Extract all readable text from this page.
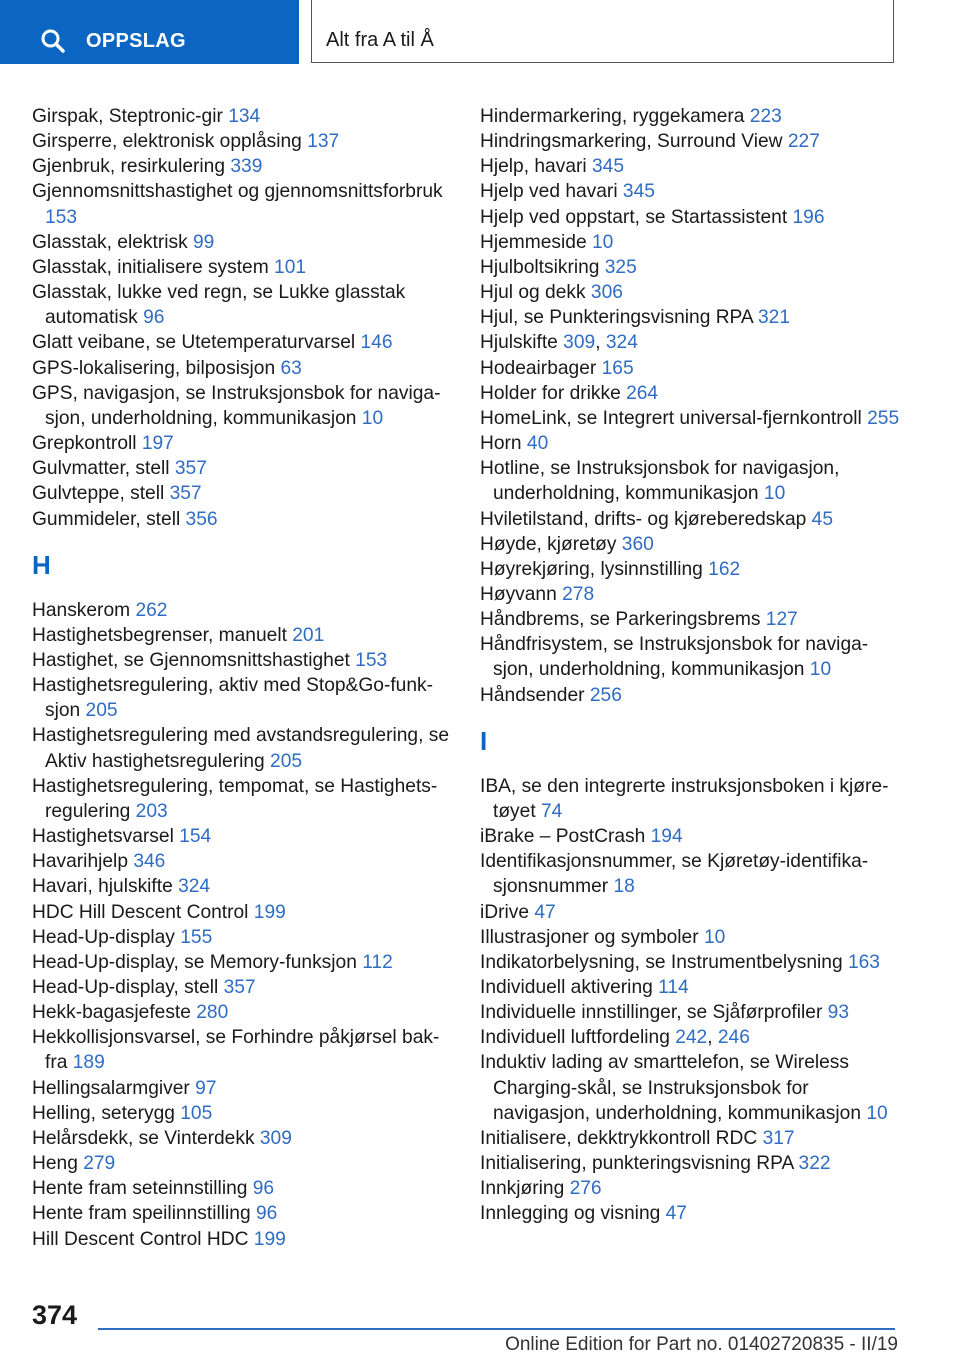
OPPSLAG	Alt fra A til Å
Girspak, Steptronic-gir 134
Girsperre, elektronisk opplåsing 137
Gjenbruk, resirkulering 339
Gjennomsnittshastighet og gjennomsnittsforbruk 153
Glasstak, elektrisk 99
Glasstak, initialisere system 101
Glasstak, lukke ved regn, se Lukke glasstak automatisk 96
Glatt veibane, se Utetemperaturvarsel 146
GPS-lokalisering, bilposisjon 63
GPS, navigasjon, se Instruksjonsbok for navigasjon, underholdning, kommunikasjon 10
Grepkontroll 197
Gulvmatter, stell 357
Gulvteppe, stell 357
Gummideler, stell 356
H
Hanskerom 262
Hastighetsbegrenser, manuelt 201
Hastighet, se Gjennomsnittshastighet 153
Hastighetsregulering, aktiv med Stop&Go-funksjon 205
Hastighetsregulering med avstandsregulering, se Aktiv hastighetsregulering 205
Hastighetsregulering, tempomat, se Hastighetsregulering 203
Hastighetsvarsel 154
Havarihjelp 346
Havari, hjulskifte 324
HDC Hill Descent Control 199
Head-Up-display 155
Head-Up-display, se Memory-funksjon 112
Head-Up-display, stell 357
Hekk-bagasjefeste 280
Hekkollisjonsvarsel, se Forhindre påkjørsel bakfra 189
Hellingsalarmgiver 97
Helling, seterygg 105
Helårsdekk, se Vinterdekk 309
Heng 279
Hente fram seteinnstilling 96
Hente fram speilinnstilling 96
Hill Descent Control HDC 199
Hindermarkering, ryggekamera 223
Hindringsmarkering, Surround View 227
Hjelp, havari 345
Hjelp ved havari 345
Hjelp ved oppstart, se Startassistent 196
Hjemmeside 10
Hjulboltsikring 325
Hjul og dekk 306
Hjul, se Punkteringsvisning RPA 321
Hjulskifte 309, 324
Hodeairbager 165
Holder for drikke 264
HomeLink, se Integrert universal-fjernkontroll 255
Horn 40
Hotline, se Instruksjonsbok for navigasjon, underholdning, kommunikasjon 10
Hviletilstand, drifts- og kjøreberedskap 45
Høyde, kjøretøy 360
Høyrekjøring, lysinnstilling 162
Høyvann 278
Håndbrems, se Parkeringsbrems 127
Håndfrisystem, se Instruksjonsbok for navigasjon, underholdning, kommunikasjon 10
Håndsender 256
I
IBA, se den integrerte instruksjonsboken i kjøretøyet 74
iBrake – PostCrash 194
Identifikasjonsnummer, se Kjøretøy-identifikasjonsnummer 18
iDrive 47
Illustrasjoner og symboler 10
Indikatorbelysning, se Instrumentbelysning 163
Individuell aktivering 114
Individuelle innstillinger, se Sjåførprofiler 93
Individuell luftfordeling 242, 246
Induktiv lading av smarttelefon, se Wireless Charging-skål, se Instruksjonsbok for navigasjon, underholdning, kommunikasjon 10
Initialisere, dekktrykkontroll RDC 317
Initialisering, punkteringsvisning RPA 322
Innkjøring 276
Innlegging og visning 47
374
Online Edition for Part no. 01402720835 - II/19
